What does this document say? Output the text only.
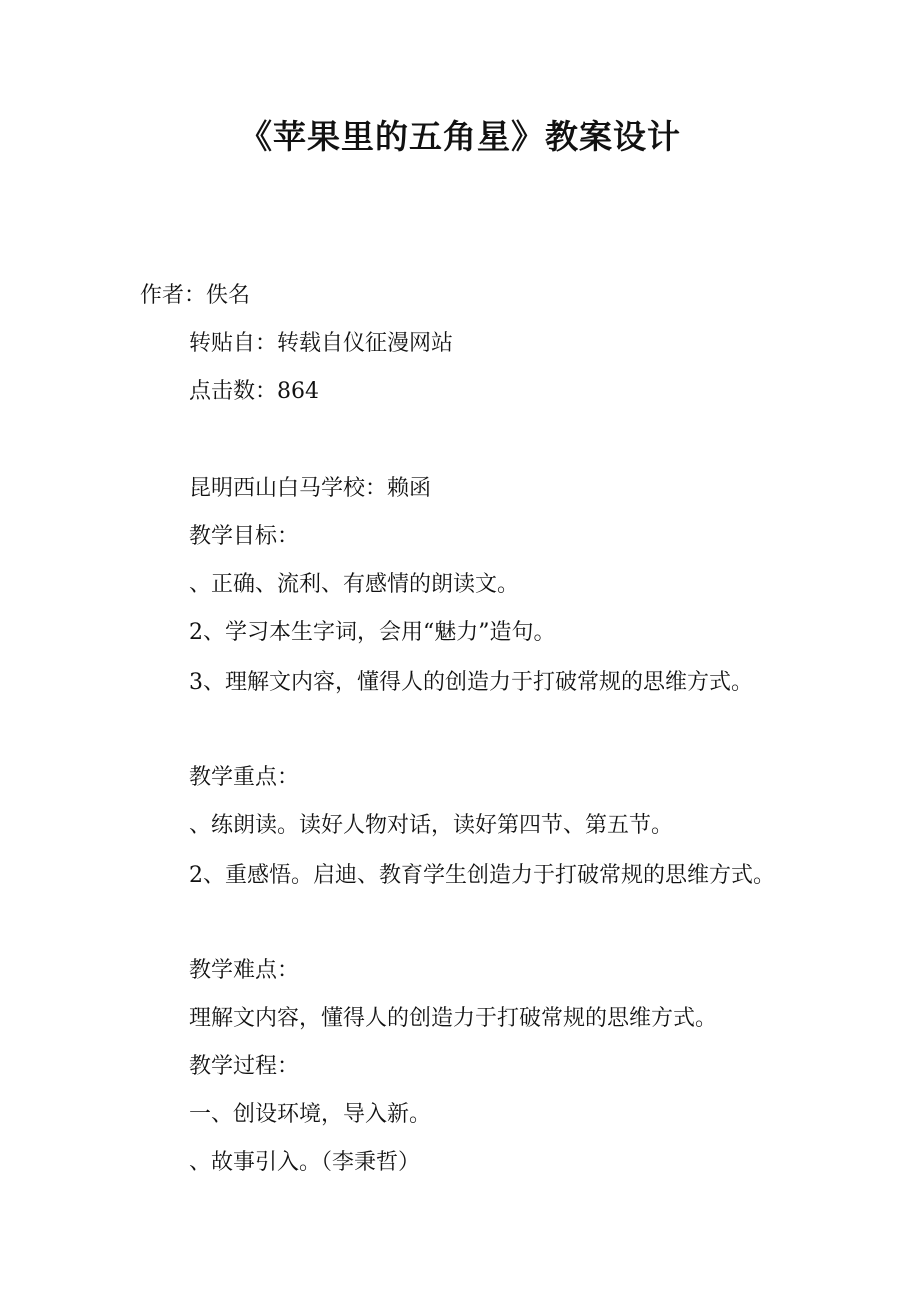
《苹果里的五角星》教案设计

作者：佚名

转贴自：转载自仪征漫网站

点击数：864

昆明西山白马学校：赖函

教学目标：

、正确、流利、有感情的朗读文。

2、学习本生字词，会用“魅力”造句。

3、理解文内容，懂得人的创造力于打破常规的思维方式。

教学重点：

、练朗读。读好人物对话，读好第四节、第五节。

2、重感悟。启迪、教育学生创造力于打破常规的思维方式。

教学难点：

理解文内容，懂得人的创造力于打破常规的思维方式。

教学过程：

一、创设环境，导入新。

、故事引入。（李秉哲）
